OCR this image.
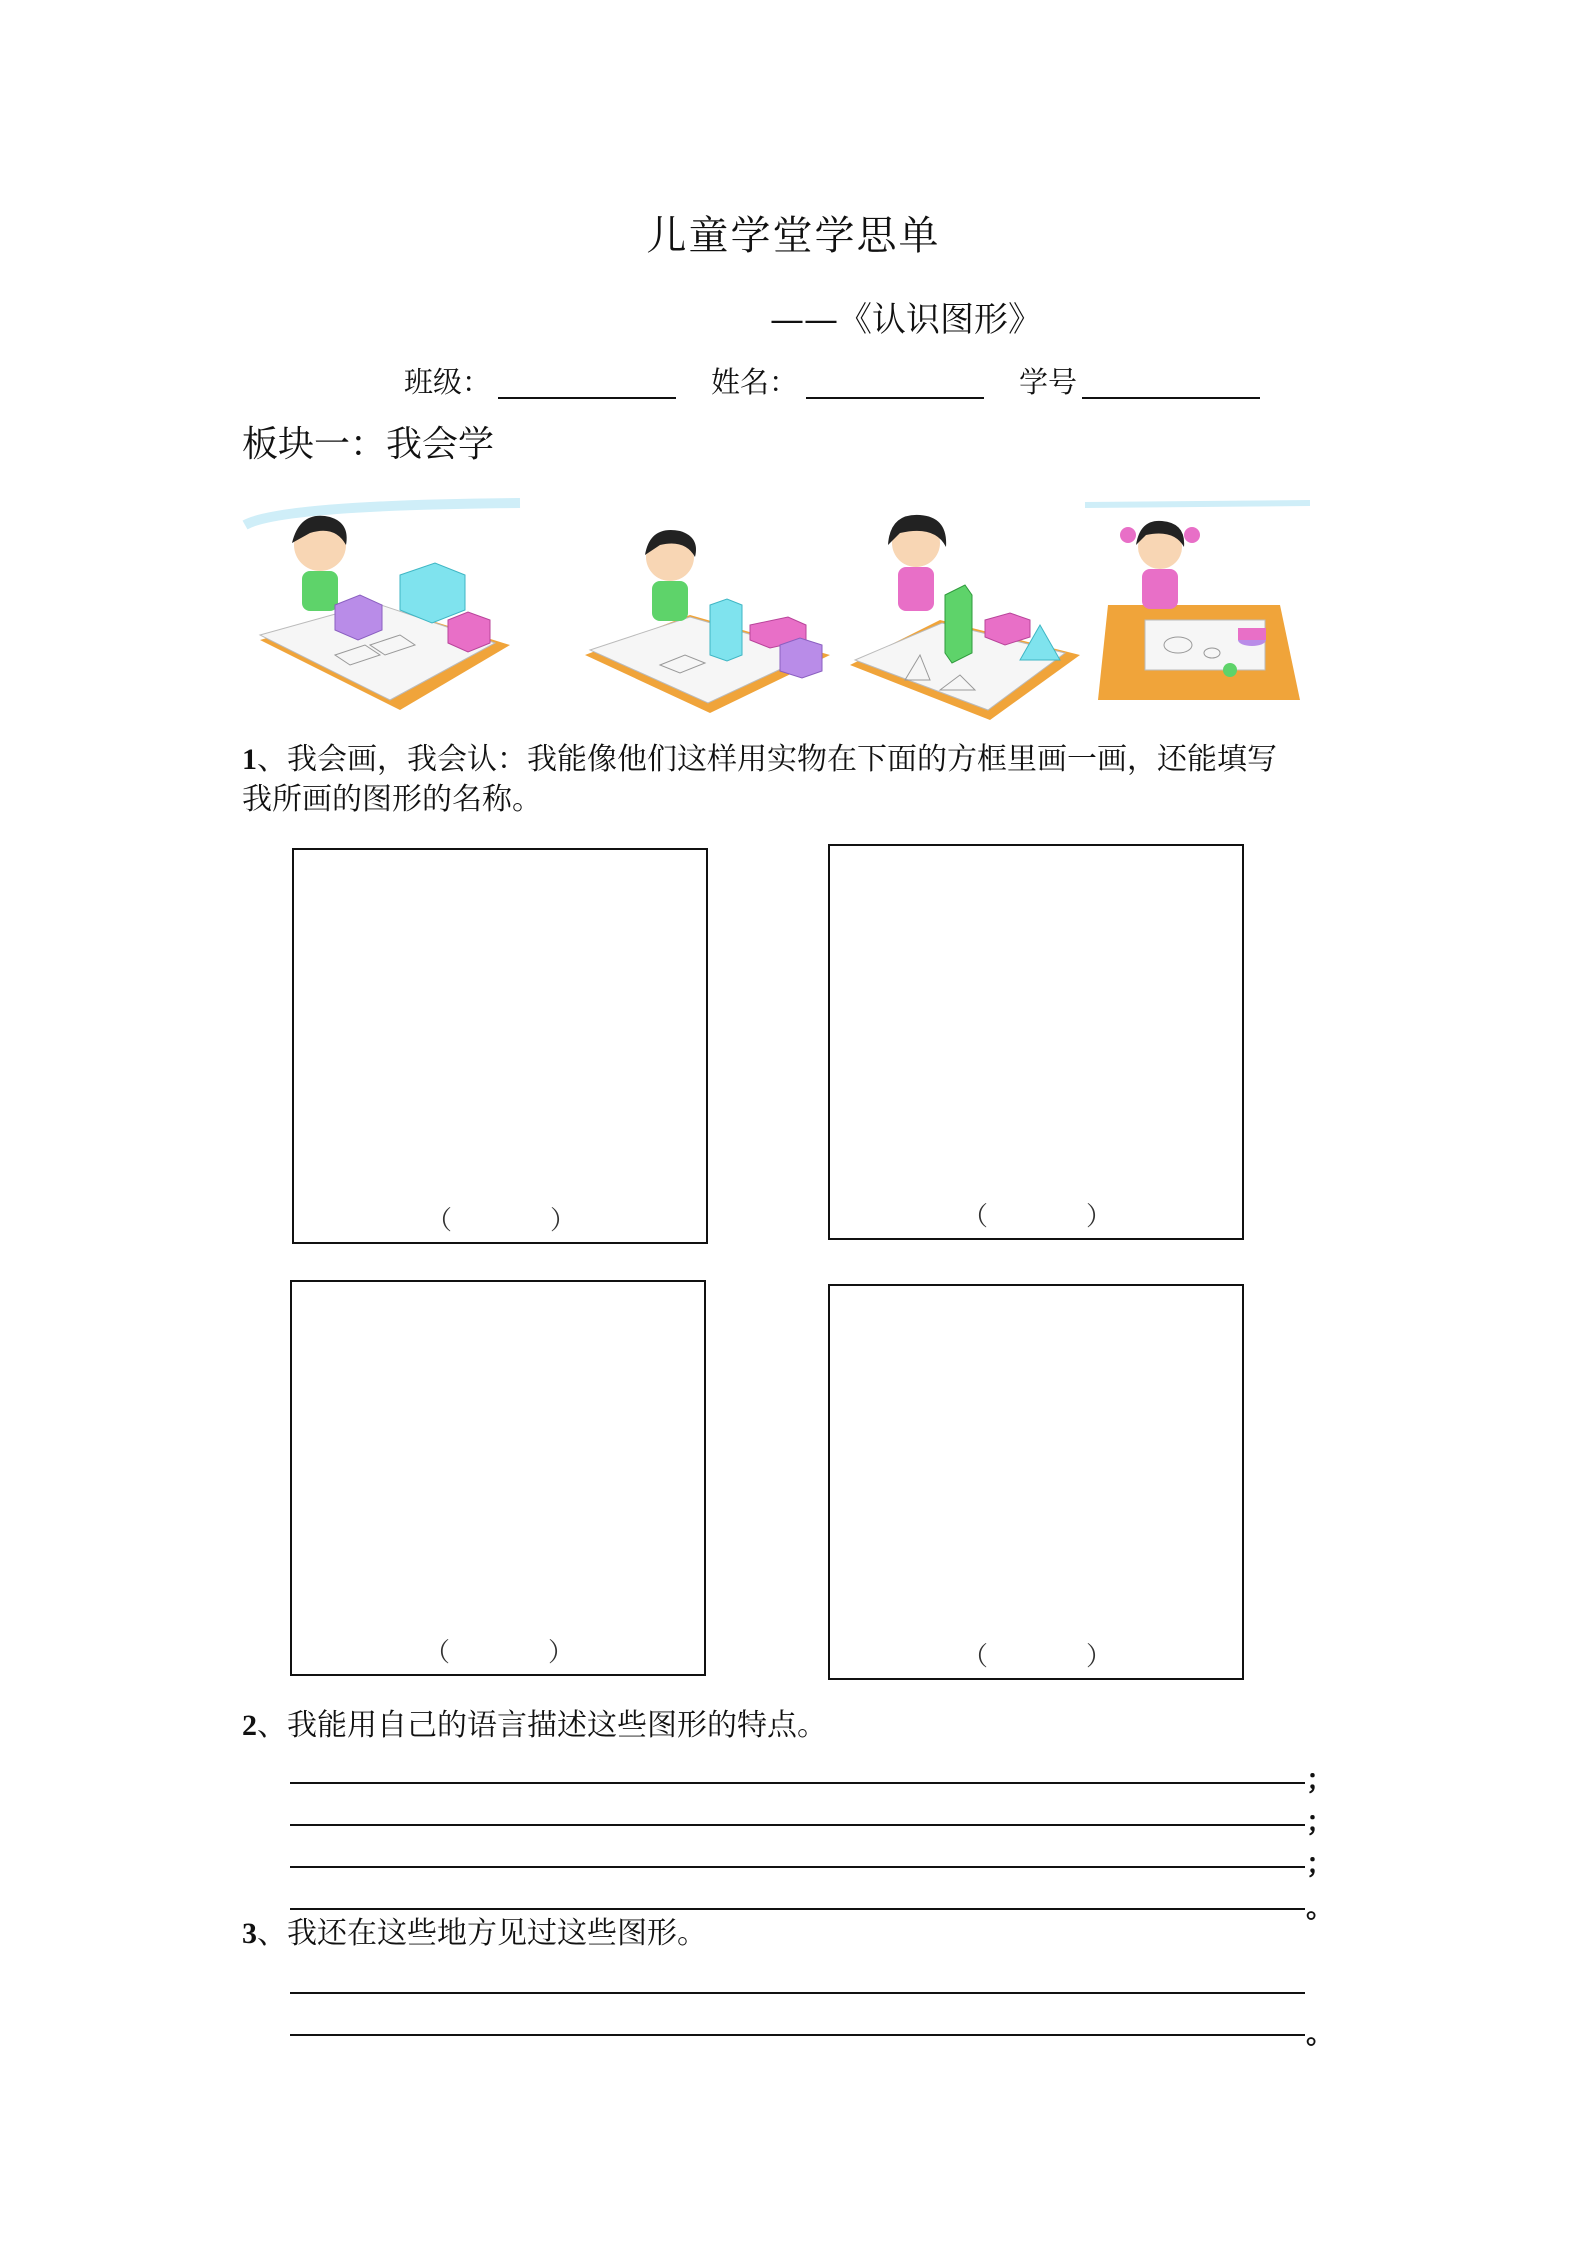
儿童学堂学思单
——《认识图形》
班级：	姓名：	学号
板块一：我会学
1、我会画，我会认：我能像他们这样用实物在下面的方框里画一画，还能填写
我所画的图形的名称。
（	）	（	）
（	）	（	）
2、我能用自己的语言描述这些图形的特点。
；
；
；
。
3、我还在这些地方见过这些图形。
。
